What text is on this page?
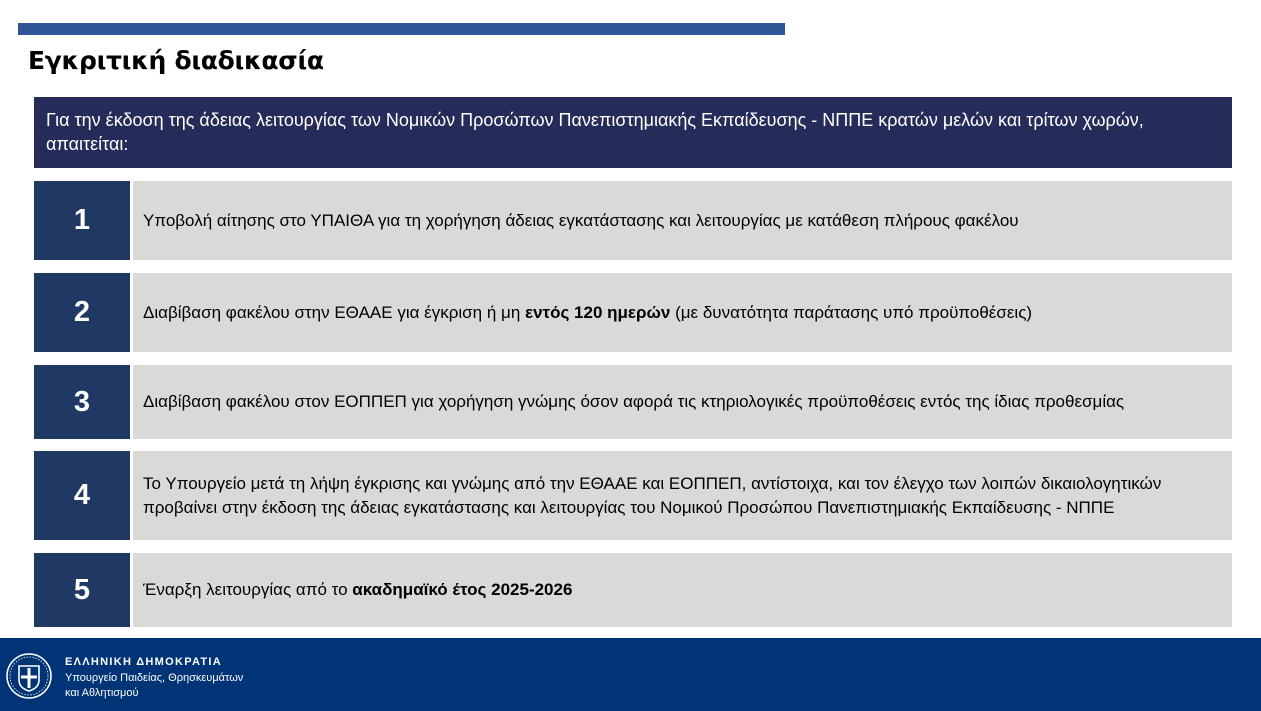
Εγκριτική διαδικασία
Για την έκδοση της άδειας λειτουργίας των Νομικών Προσώπων Πανεπιστημιακής Εκπαίδευσης - ΝΠΠΕ κρατών μελών και τρίτων χωρών, απαιτείται:
1	Υποβολή αίτησης στο ΥΠΑΙΘΑ για τη χορήγηση άδειας εγκατάστασης και λειτουργίας με κατάθεση πλήρους φακέλου
2	Διαβίβαση φακέλου στην ΕΘΑΑΕ για έγκριση ή μη εντός 120 ημερών (με δυνατότητα παράτασης υπό προϋποθέσεις)
3	Διαβίβαση φακέλου στον ΕΟΠΠΕΠ για χορήγηση γνώμης όσον αφορά τις κτηριολογικές προϋποθέσεις εντός της ίδιας προθεσμίας
4	Το Υπουργείο μετά τη λήψη έγκρισης και γνώμης από την ΕΘΑΑΕ και ΕΟΠΠΕΠ, αντίστοιχα, και τον έλεγχο των λοιπών δικαιολογητικών προβαίνει στην έκδοση της άδειας εγκατάστασης και λειτουργίας του Νομικού Προσώπου Πανεπιστημιακής Εκπαίδευσης - ΝΠΠΕ
5	Έναρξη λειτουργίας από το ακαδημαϊκό έτος 2025-2026
ΕΛΛΗΝΙΚΗ ΔΗΜΟΚΡΑΤΙΑ
Υπουργείο Παιδείας, Θρησκευμάτων
και Αθλητισμού
